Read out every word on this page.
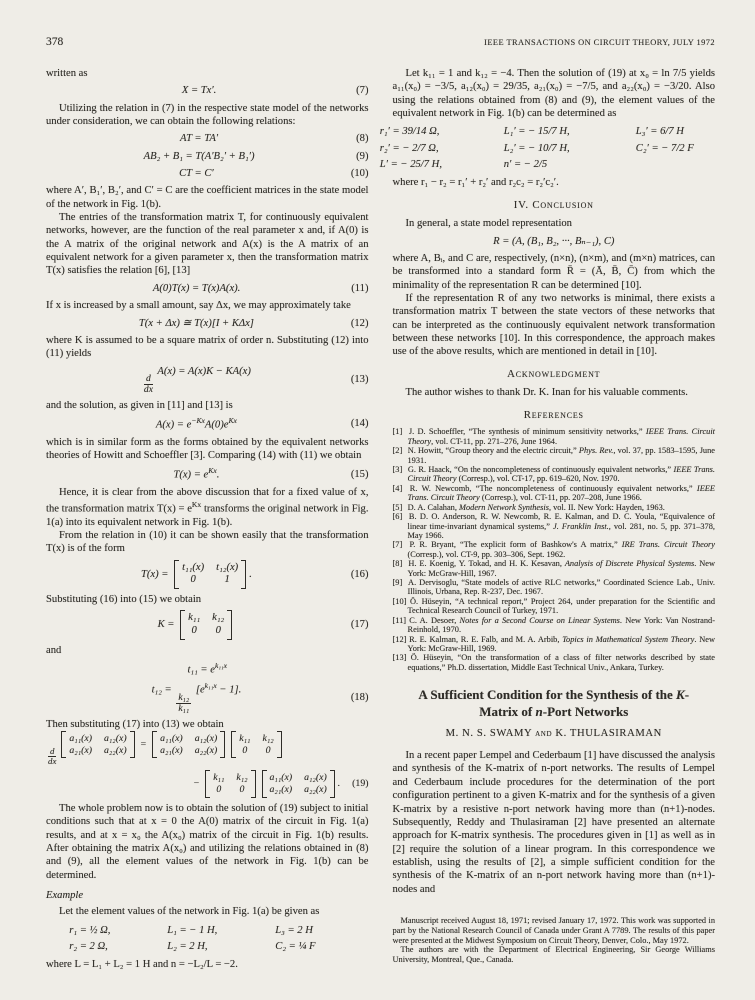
378	IEEE TRANSACTIONS ON CIRCUIT THEORY, JULY 1972

written as

X = Tx′.	(7)

Utilizing the relation in (7) in the respective state model of the networks under consideration, we can obtain the following relations:

AT = TA′	(8)
AB₂ + B₁ = T(A′B₂′ + B₁′)	(9)
CT = C′	(10)

where A′, B₁′, B₂′, and C′ = C are the coefficient matrices in the state model of the network in Fig. 1(b).

The entries of the transformation matrix T, for continuously equivalent networks, however, are the function of the real parameter x and, if A(0) is the A matrix of the original network and A(x) is the A matrix of an equivalent network for a given parameter x, then the transformation matrix T(x) satisfies the relation [6], [13]

A(0)T(x) = T(x)A(x).	(11)

If x is increased by a small amount, say Δx, we may approximately take

T(x + Δx) ≅ T(x)[I + KΔx]	(12)

where K is assumed to be a square matrix of order n. Substituting (12) into (11) yields

$\frac{d}{dx}$
A(x) = A(x)K − KA(x)
(13)

and the solution, as given in [11] and [13] is

$A(x) = e^{-Kx}A(0)e^{Kx}$	(14)

which is in similar form as the forms obtained by the equivalent networks theories of Howitt and Schoeffler [3]. Comparing (14) with (11) we obtain

$T(x) = e^{Kx}$.	(15)

Hence, it is clear from the above discussion that for a fixed value of x, the transformation matrix $T(x) = e^{Kx}$ transforms the original network in Fig. 1(a) into its equivalent network in Fig. 1(b).

From the relation in (10) it can be shown easily that the transformation T(x) is of the form

T(x) =
t₁₁(x) t₁₂(x)
0	1
.	(16)

Substituting (16) into (15) we obtain

K =
k₁₁ k₁₂
0	0
(17)

and

$t_{11} = e^{k_{11}x}$
t₁₂ =
$\frac{\text{k₁₂}}{\text{k₁₁}}$
$[e^{k_{11}x} - 1]$.
(18)

Then substituting (17) into (13) we obtain

$\frac{d}{dx}$
a₁₁(x) a₁₂(x)
a₂₁(x) a₂₂(x)
=
a₁₁(x) a₁₂(x)
a₂₁(x) a₂₂(x)
k₁₁ k₁₂
0	0
−
k₁₁ k₁₂
0	0
a₁₁(x) a₁₂(x)
a₂₁(x) a₂₂(x)
.	(19)

The whole problem now is to obtain the solution of (19) subject to initial conditions such that at x = 0 the A(0) matrix of the circuit in Fig. 1(a) results, and at x = x₀ the A(x₀) matrix of the circuit in Fig. 1(b) results. After obtaining the matrix A(x₀) and utilizing the relations obtained in (8) and (9), all the element values of the network in Fig. 1(b) can be determined.

Example

Let the element values of the network in Fig. 1(a) be given as

r₁ = ½ Ω,	L₁ = − 1 H,	L₃ = 2 H
r₂ = 2 Ω,	L₂ = 2 H,	C₂ = ¼ F

where L = L₁ + L₂ = 1 H and n = −L₂/L = −2.

Let k₁₁ = 1 and k₁₂ = −4. Then the solution of (19) at x₀ = ln 7/5 yields a₁₁(x₀) = −3/5, a₁₂(x₀) = 29/35, a₂₁(x₀) = −7/5, and a₂₂(x₀) = −3/20. Also using the relations obtained from (8) and (9), the element values of the equivalent network in Fig. 1(b) can be determined as

r₁′ = 39/14 Ω,	L₁′ = − 15/7 H,	L₃′ = 6/7 H
r₂′ = − 2/7 Ω,	L₂′ = − 10/7 H,	C₂′ = − 7/2 F
L′ = − 25/7 H,	n′ = − 2/5

where r₁ − r₂ = r₁′ + r₂′ and r₂c₂ = r₂′c₂′.

IV. Conclusion

In general, a state model representation

R = (A, (B₁, B₂, ···, Bₙ₋₁), C)

where A, Bᵢ, and C are, respectively, (n×n), (n×m), and (m×n) matrices, can be transformed into a standard form R̄ = (Ā, B̄, C̄) from which the minimality of the representation R can be determined [10].

If the representation R of any two networks is minimal, there exists a transformation matrix T between the state vectors of these networks that can be interpreted as the continuously equivalent network transformation between these networks [10]. In this correspondence, the approach makes use of the above results, which are mentioned in detail in [10].

Acknowledgment

The author wishes to thank Dr. K. Inan for his valuable comments.

References
[1] J. D. Schoeffler, “The synthesis of minimum sensitivity networks,” IEEE Trans. Circuit Theory, vol. CT-11, pp. 271–276, June 1964.
[2] N. Howitt, “Group theory and the electric circuit,” Phys. Rev., vol. 37, pp. 1583–1595, June 1931.
[3] G. R. Haack, “On the noncompleteness of continuously equivalent networks,” IEEE Trans. Circuit Theory (Corresp.), vol. CT-17, pp. 619–620, Nov. 1970.
[4] R. W. Newcomb, “The noncompleteness of continuously equivalent networks,” IEEE Trans. Circuit Theory (Corresp.), vol. CT-11, pp. 207–208, June 1966.
[5] D. A. Calahan, Modern Network Synthesis, vol. II. New York: Hayden, 1963.
[6] B. D. O. Anderson, R. W. Newcomb, R. E. Kalman, and D. C. Youla, “Equivalence of linear time-invariant dynamical systems,” J. Franklin Inst., vol. 281, no. 5, pp. 371–378, May 1966.
[7] P. R. Bryant, “The explicit form of Bashkow's A matrix,” IRE Trans. Circuit Theory (Corresp.), vol. CT-9, pp. 303–306, Sept. 1962.
[8] H. E. Koenig, Y. Tokad, and H. K. Kesavan, Analysis of Discrete Physical Systems. New York: McGraw-Hill, 1967.
[9] A. Dervisoglu, “State models of active RLC networks,” Coordinated Science Lab., Univ. Illinois, Urbana, Rep. R-237, Dec. 1967.
[10] Ö. Hüseyin, “A technical report,” Project 264, under preparation for the Scientific and Technical Research Council of Turkey, 1971.
[11] C. A. Desoer, Notes for a Second Course on Linear Systems. New York: Van Nostrand-Reinhold, 1970.
[12] R. E. Kalman, R. E. Falb, and M. A. Arbib, Topics in Mathematical System Theory. New York: McGraw-Hill, 1969.
[13] Ö. Hüseyin, “On the transformation of a class of filter networks described by state equations,” Ph.D. dissertation, Middle East Technical Univ., Ankara, Turkey.
A Sufficient Condition for the Synthesis of the K-Matrix of n-Port Networks
M. N. S. SWAMY and K. THULASIRAMAN

In a recent paper Lempel and Cederbaum [1] have discussed the analysis and synthesis of the K-matrix of n-port networks. The results of Lempel and Cederbaum include procedures for the determination of the port configuration pertinent to a given K-matrix and for the synthesis of a given K-matrix by a resistive n-port network having more than (n+1)-nodes. Subsequently, Reddy and Thulasiraman [2] have presented an alternate approach for K-matrix synthesis. The procedures given in [1] as well as in [2] require the solution of a linear program. In this correspondence we establish, using the results of [2], a simple sufficient condition for the synthesis of the K-matrix of an n-port network having more than (n+1)-nodes and

Manuscript received August 18, 1971; revised January 17, 1972. This work was supported in part by the National Research Council of Canada under Grant A 7789. The results of this paper were presented at the Midwest Symposium on Circuit Theory, Denver, Colo., May 1972.

The authors are with the Department of Electrical Engineering, Sir George Williams University, Montreal, Que., Canada.
